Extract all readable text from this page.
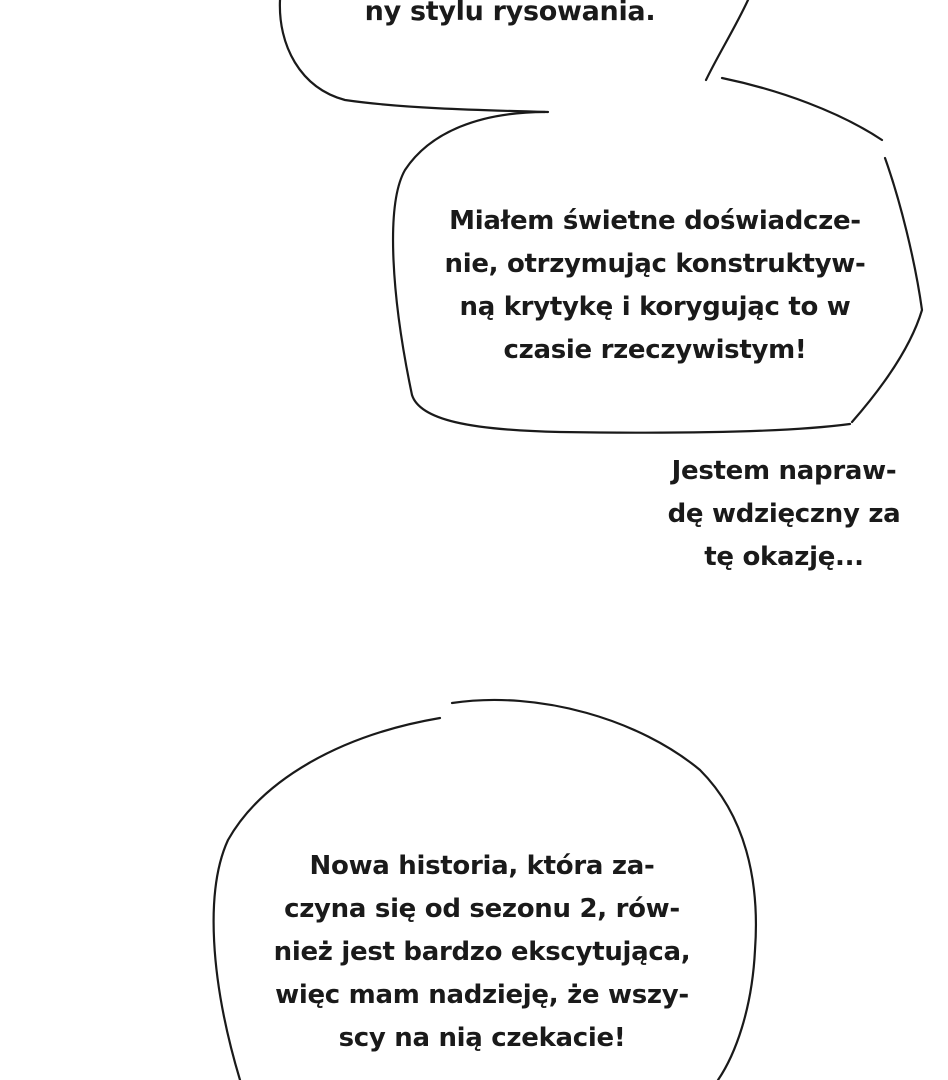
ny stylu rysowania.
Miałem świetne doświadcze-
nie, otrzymując konstruktyw-
ną krytykę i korygując to w
czasie rzeczywistym!
Jestem napraw-
dę wdzięczny za
tę okazję...
Nowa historia, która za-
czyna się od sezonu 2, rów-
nież jest bardzo ekscytująca,
więc mam nadzieję, że wszy-
scy na nią czekacie!
